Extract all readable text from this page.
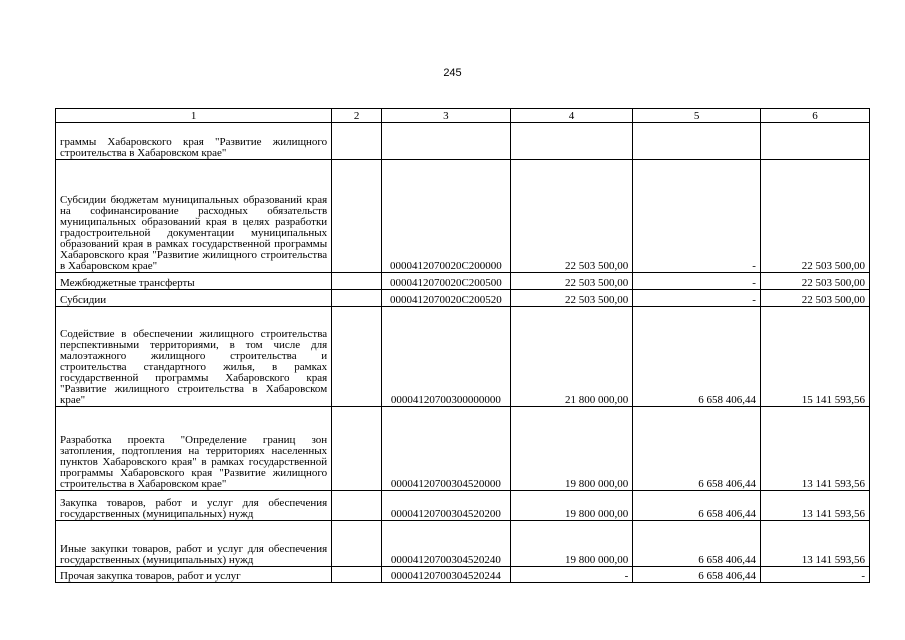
245
1	2	3	4	5	6
граммы Хабаровского края "Развитие жилищного строительства в Хабаровском крае"					
Субсидии бюджетам муниципальных образований края на софинансирование расходных обязательств муниципальных образований края в целях разработки градостроительной документации муниципальных образований края в рамках государственной программы Хабаровского края "Развитие жилищного строительства в Хабаровском крае"		0000412070020С200000	22 503 500,00	-	22 503 500,00
Межбюджетные трансферты		0000412070020С200500	22 503 500,00	-	22 503 500,00
Субсидии		0000412070020С200520	22 503 500,00	-	22 503 500,00
Содействие в обеспечении жилищного строительства перспективными территориями, в том числе для малоэтажного жилищного строительства и строительства стандартного жилья, в рамках государственной программы Хабаровского края "Развитие жилищного строительства в Хабаровском крае"		00004120700300000000	21 800 000,00	6 658 406,44	15 141 593,56
Разработка проекта "Определение границ зон затопления, подтопления на территориях населенных пунктов Хабаровского края" в рамках государственной программы Хабаровского края "Развитие жилищного строительства в Хабаровском крае"		00004120700304520000	19 800 000,00	6 658 406,44	13 141 593,56
Закупка товаров, работ и услуг для обеспечения государственных (муниципальных) нужд		00004120700304520200	19 800 000,00	6 658 406,44	13 141 593,56
Иные закупки товаров, работ и услуг для обеспечения государственных (муниципальных) нужд		00004120700304520240	19 800 000,00	6 658 406,44	13 141 593,56
Прочая закупка товаров, работ и услуг		00004120700304520244	-	6 658 406,44	-
